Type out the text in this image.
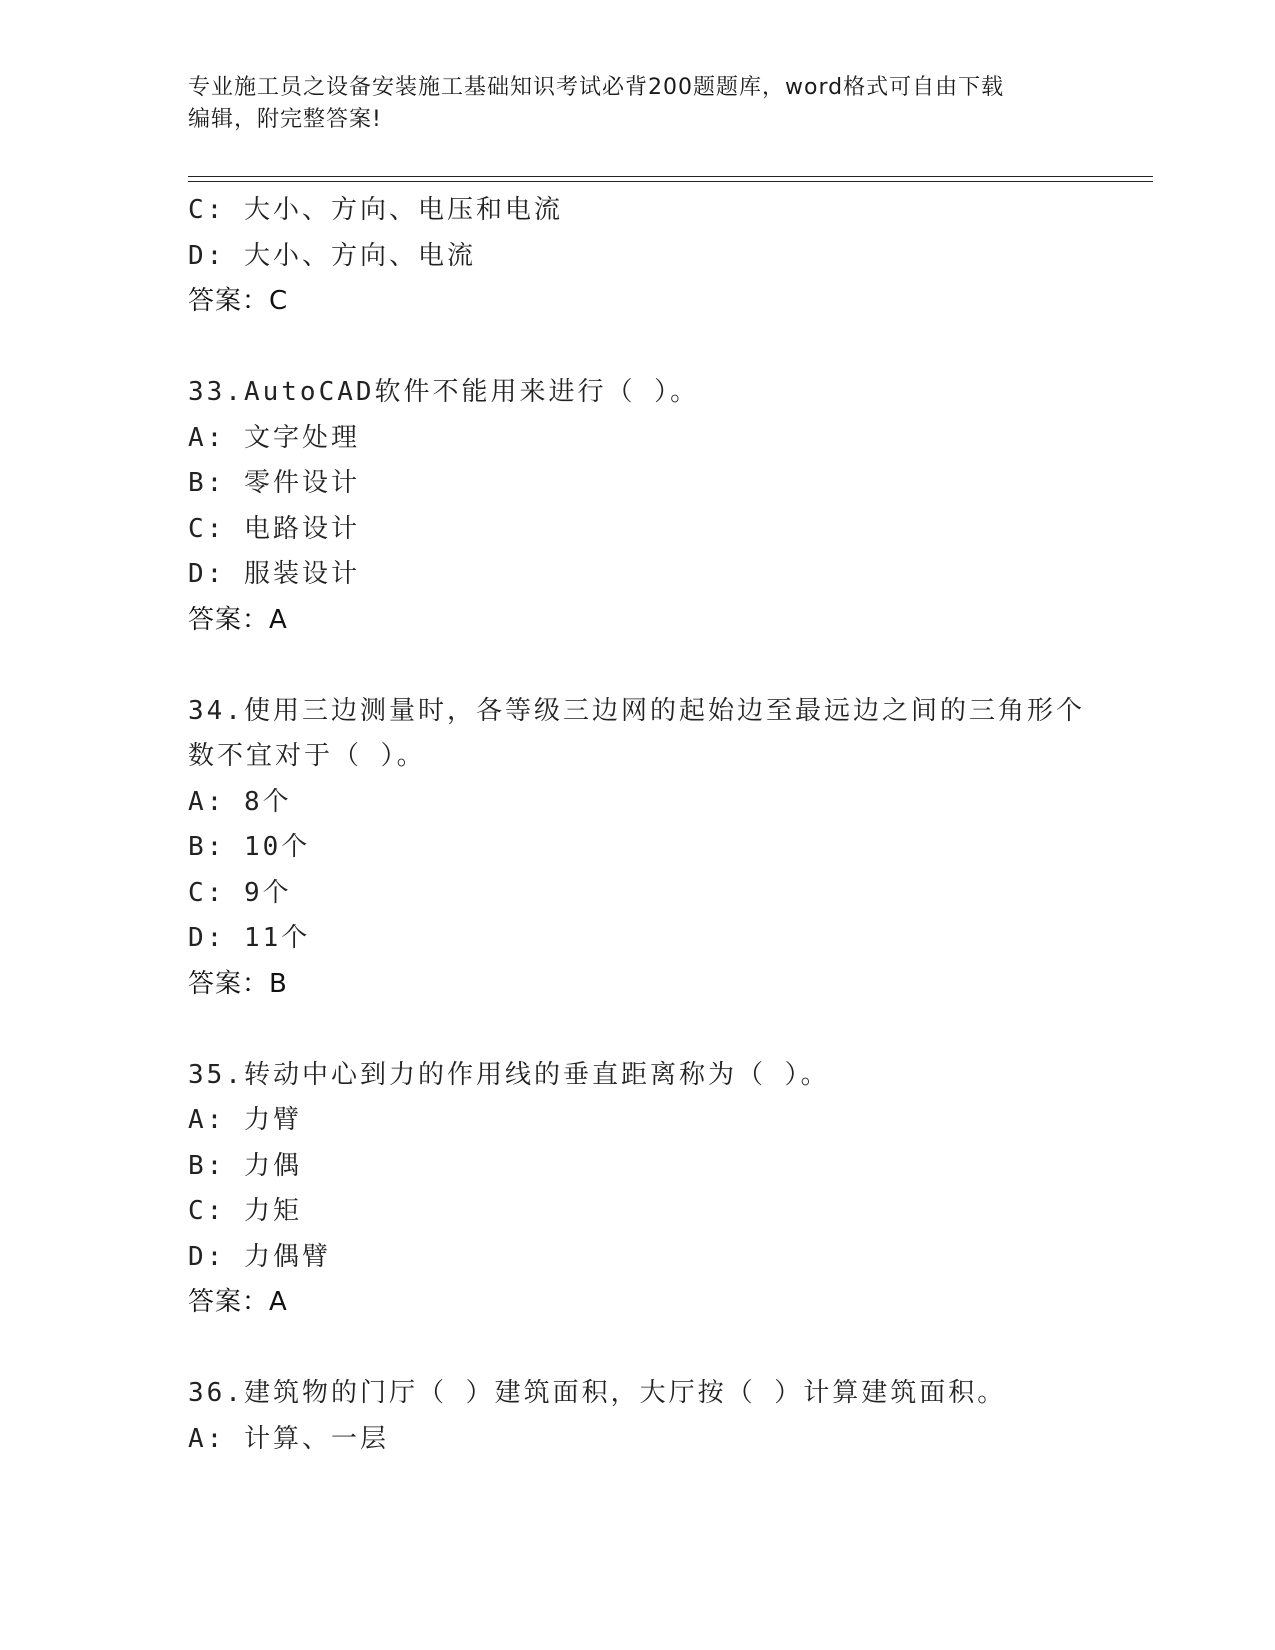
专业施工员之设备安装施工基础知识考试必背200题题库，word格式可自由下载
编辑，附完整答案!
C: 大小、方向、电压和电流
D: 大小、方向、电流
答案：C
33.AutoCAD软件不能用来进行（ ）。
A: 文字处理
B: 零件设计
C: 电路设计
D: 服装设计
答案：A
34.使用三边测量时，各等级三边网的起始边至最远边之间的三角形个
数不宜对于（ ）。
A: 8个
B: 10个
C: 9个
D: 11个
答案：B
35.转动中心到力的作用线的垂直距离称为（ ）。
A: 力臂
B: 力偶
C: 力矩
D: 力偶臂
答案：A
36.建筑物的门厅（ ）建筑面积，大厅按（ ）计算建筑面积。
A: 计算、一层
